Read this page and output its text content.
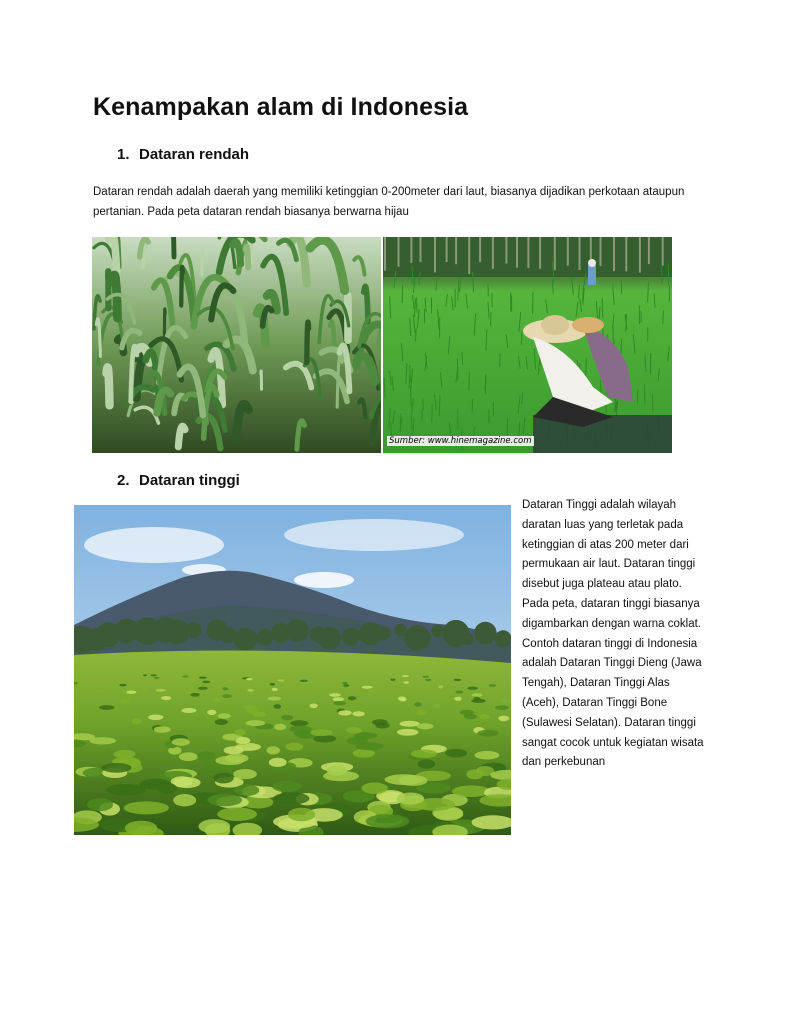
Kenampakan alam di Indonesia
1. Dataran rendah
Dataran rendah adalah daerah yang memiliki ketinggian 0-200meter dari laut, biasanya dijadikan perkotaan ataupun pertanian. Pada peta dataran rendah biasanya berwarna hijau
Sumber: www.hinemagazine.com
2. Dataran tinggi
Dataran Tinggi adalah wilayah daratan luas yang terletak pada ketinggian di atas 200 meter dari permukaan air laut. Dataran tinggi disebut juga plateau atau plato. Pada peta, dataran tinggi biasanya digambarkan dengan warna coklat. Contoh dataran tinggi di Indonesia adalah Dataran Tinggi Dieng (Jawa Tengah), Dataran Tinggi Alas (Aceh), Dataran Tinggi Bone (Sulawesi Selatan). Dataran tinggi sangat cocok untuk kegiatan wisata dan perkebunan
